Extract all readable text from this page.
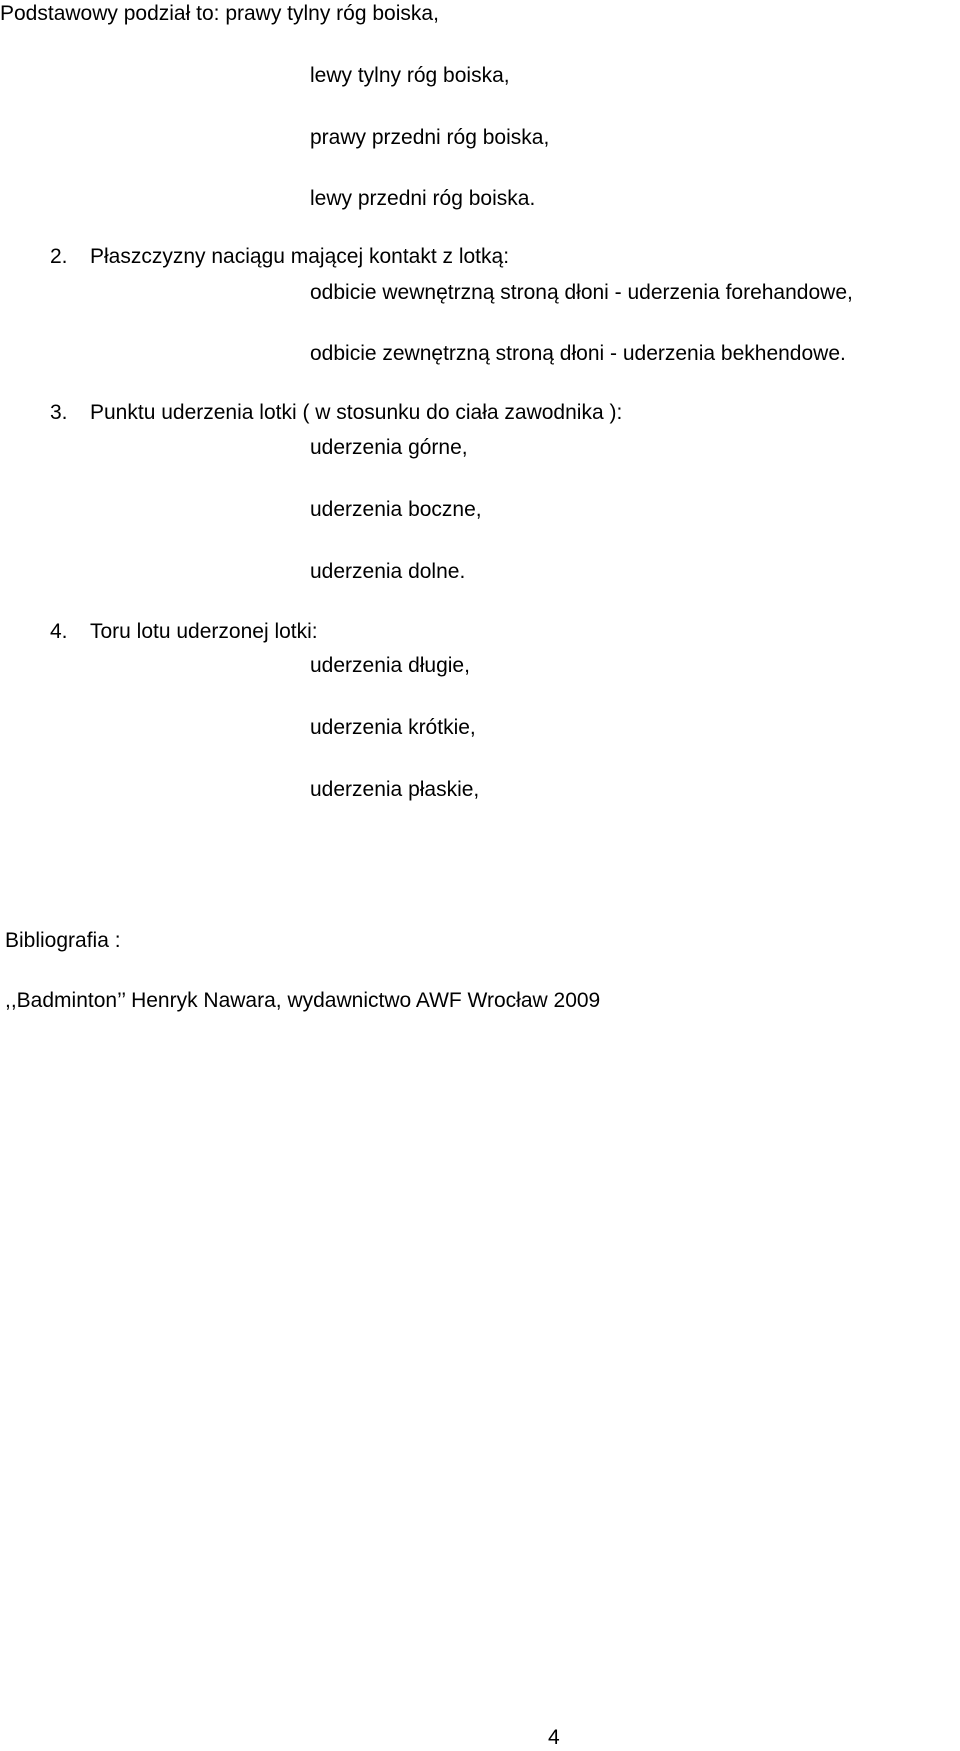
Podstawowy podział to: prawy tylny róg boiska,
lewy tylny róg boiska,
prawy przedni róg boiska,
lewy przedni róg boiska.
2. Płaszczyzny naciągu mającej kontakt z lotką:
odbicie wewnętrzną stroną dłoni - uderzenia forehandowe,
odbicie zewnętrzną stroną dłoni - uderzenia bekhendowe.
3. Punktu uderzenia lotki ( w stosunku do ciała zawodnika ):
uderzenia górne,
uderzenia boczne,
uderzenia dolne.
4. Toru lotu uderzonej lotki:
uderzenia długie,
uderzenia krótkie,
uderzenia płaskie,
Bibliografia :
,,Badminton’’ Henryk Nawara, wydawnictwo AWF Wrocław 2009
4
